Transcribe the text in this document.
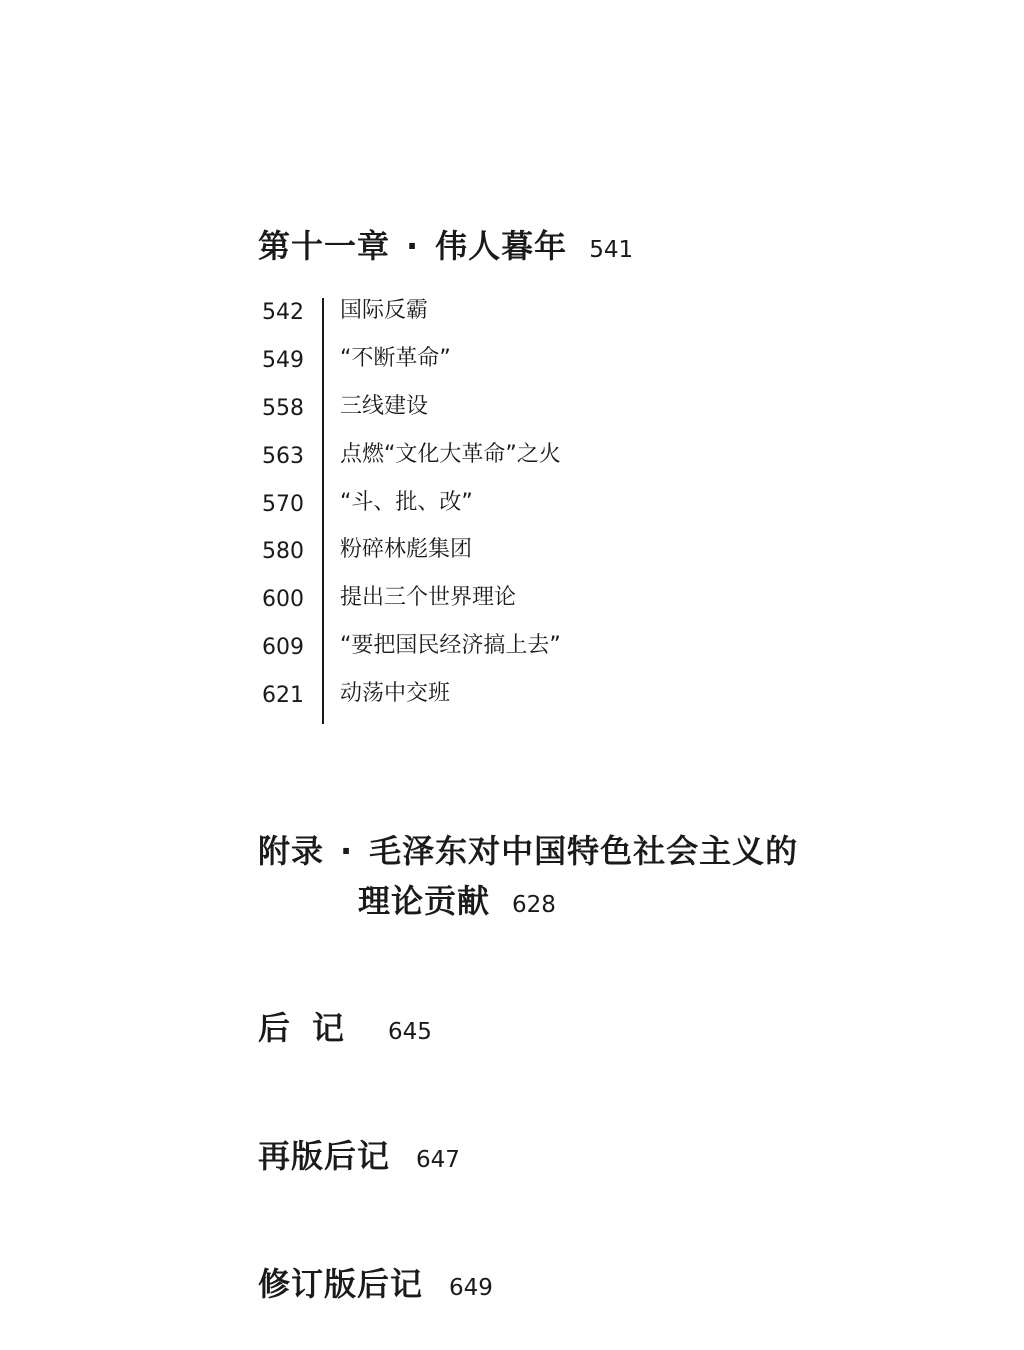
第十一章 · 伟人暮年 541
542 国际反霸
549 “不断革命”
558 三线建设
563 点燃“文化大革命”之火
570 “斗、批、改”
580 粉碎林彪集团
600 提出三个世界理论
609 “要把国民经济搞上去”
621 动荡中交班
附录 · 毛泽东对中国特色社会主义的
理论贡献 628
后记 645
再版后记 647
修订版后记 649
